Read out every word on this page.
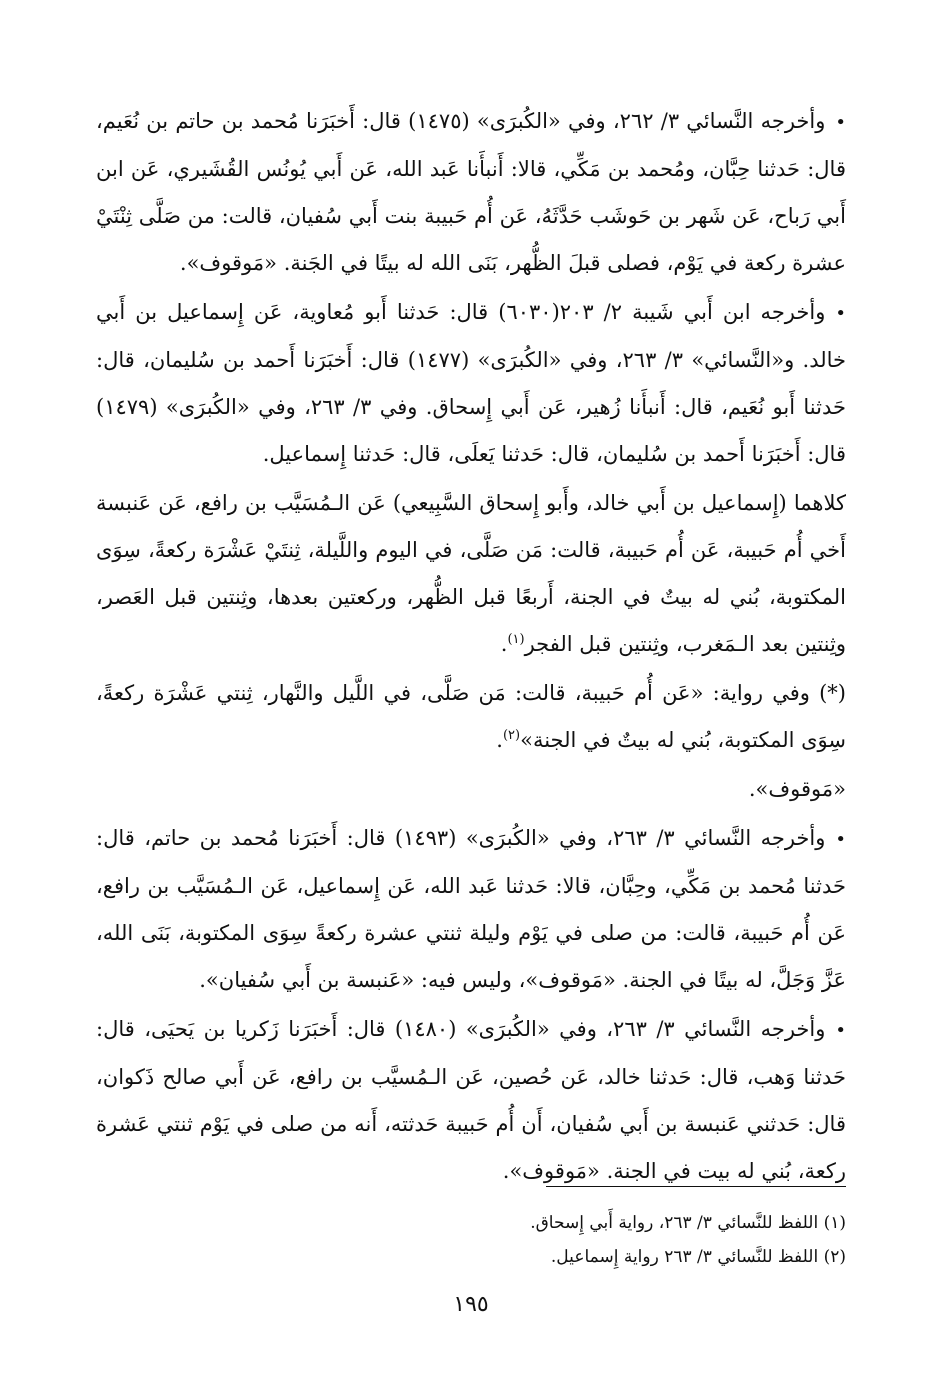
•وأخرجه النَّسائي ٣/ ٢٦٢، وفي «الكُبرَى» (١٤٧٥) قال: أَخبَرَنا مُحمد بن حاتم بن نُعَيم، قال: حَدثنا حِبَّان، ومُحمد بن مَكِّي، قالا: أَنبأَنا عَبد الله، عَن أَبي يُونُس القُشَيري، عَن ابن أَبي رَباح، عَن شَهر بن حَوشَب حَدَّثَهُ، عَن أُم حَبيبة بنت أَبي سُفيان، قالت: من صَلَّى ثِنْتَيْ عشرة ركعة في يَوْم، فصلى قبلَ الظُّهر، بَنَى الله له بيتًا في الجَنة. «مَوقوف».

•وأخرجه ابن أَبي شَيبة ٢/ ٢٠٣(٦٠٣٠) قال: حَدثنا أَبو مُعاوية، عَن إِسماعيل بن أَبي خالد. و«النَّسائي» ٣/ ٢٦٣، وفي «الكُبرَى» (١٤٧٧) قال: أَخبَرَنا أَحمد بن سُليمان، قال: حَدثنا أَبو نُعَيم، قال: أَنبأَنا زُهير، عَن أَبي إِسحاق. وفي ٣/ ٢٦٣، وفي «الكُبرَى» (١٤٧٩) قال: أَخبَرَنا أَحمد بن سُليمان، قال: حَدثنا يَعلَى، قال: حَدثنا إِسماعيل.

كلاهما (إِسماعيل بن أَبي خالد، وأَبو إِسحاق السَّبِيعي) عَن الـمُسَيَّب بن رافع، عَن عَنبسة أَخي أُم حَبيبة، عَن أُم حَبيبة، قالت: مَن صَلَّى، في اليوم واللَّيلة، ثِنتَيْ عَشْرَة ركعةً، سِوَى المكتوبة، بُني له بيتٌ في الجنة، أَربعًا قبل الظُّهر، وركعتين بعدها، وثِنتين قبل العَصر، وثِنتين بعد الـمَغرب، وثِنتين قبل الفجر$^{(١)}$.

(*) وفي رواية: «عَن أُم حَبيبة، قالت: مَن صَلَّى، في اللَّيل والنَّهار، ثِنتي عَشْرَة ركعةً، سِوَى المكتوبة، بُني له بيتٌ في الجنة»$^{(٢)}$.

«مَوقوف».

•وأخرجه النَّسائي ٣/ ٢٦٣، وفي «الكُبرَى» (١٤٩٣) قال: أَخبَرَنا مُحمد بن حاتم، قال: حَدثنا مُحمد بن مَكِّي، وحِبَّان، قالا: حَدثنا عَبد الله، عَن إِسماعيل، عَن الـمُسَيَّب بن رافع، عَن أُم حَبيبة، قالت: من صلى في يَوْم وليلة ثنتي عشرة ركعةً سِوَى المكتوبة، بَنَى الله، عَزَّ وَجَلَّ، له بيتًا في الجنة. «مَوقوف»، وليس فيه: «عَنبسة بن أَبي سُفيان».

•وأخرجه النَّسائي ٣/ ٢٦٣، وفي «الكُبرَى» (١٤٨٠) قال: أَخبَرَنا زَكريا بن يَحيَى، قال: حَدثنا وَهب، قال: حَدثنا خالد، عَن حُصين، عَن الـمُسيَّب بن رافع، عَن أَبي صالح ذَكوان، قال: حَدثني عَنبسة بن أَبي سُفيان، أَن أُم حَبيبة حَدثته، أَنه من صلى في يَوْم ثنتي عَشرة ركعة، بُني له بيت في الجنة. «مَوقوف».

(١) اللفظ للنَّسائي ٣/ ٢٦٣، رواية أَبي إِسحاق.

(٢) اللفظ للنَّسائي ٣/ ٢٦٣ رواية إِسماعيل.

١٩٥
